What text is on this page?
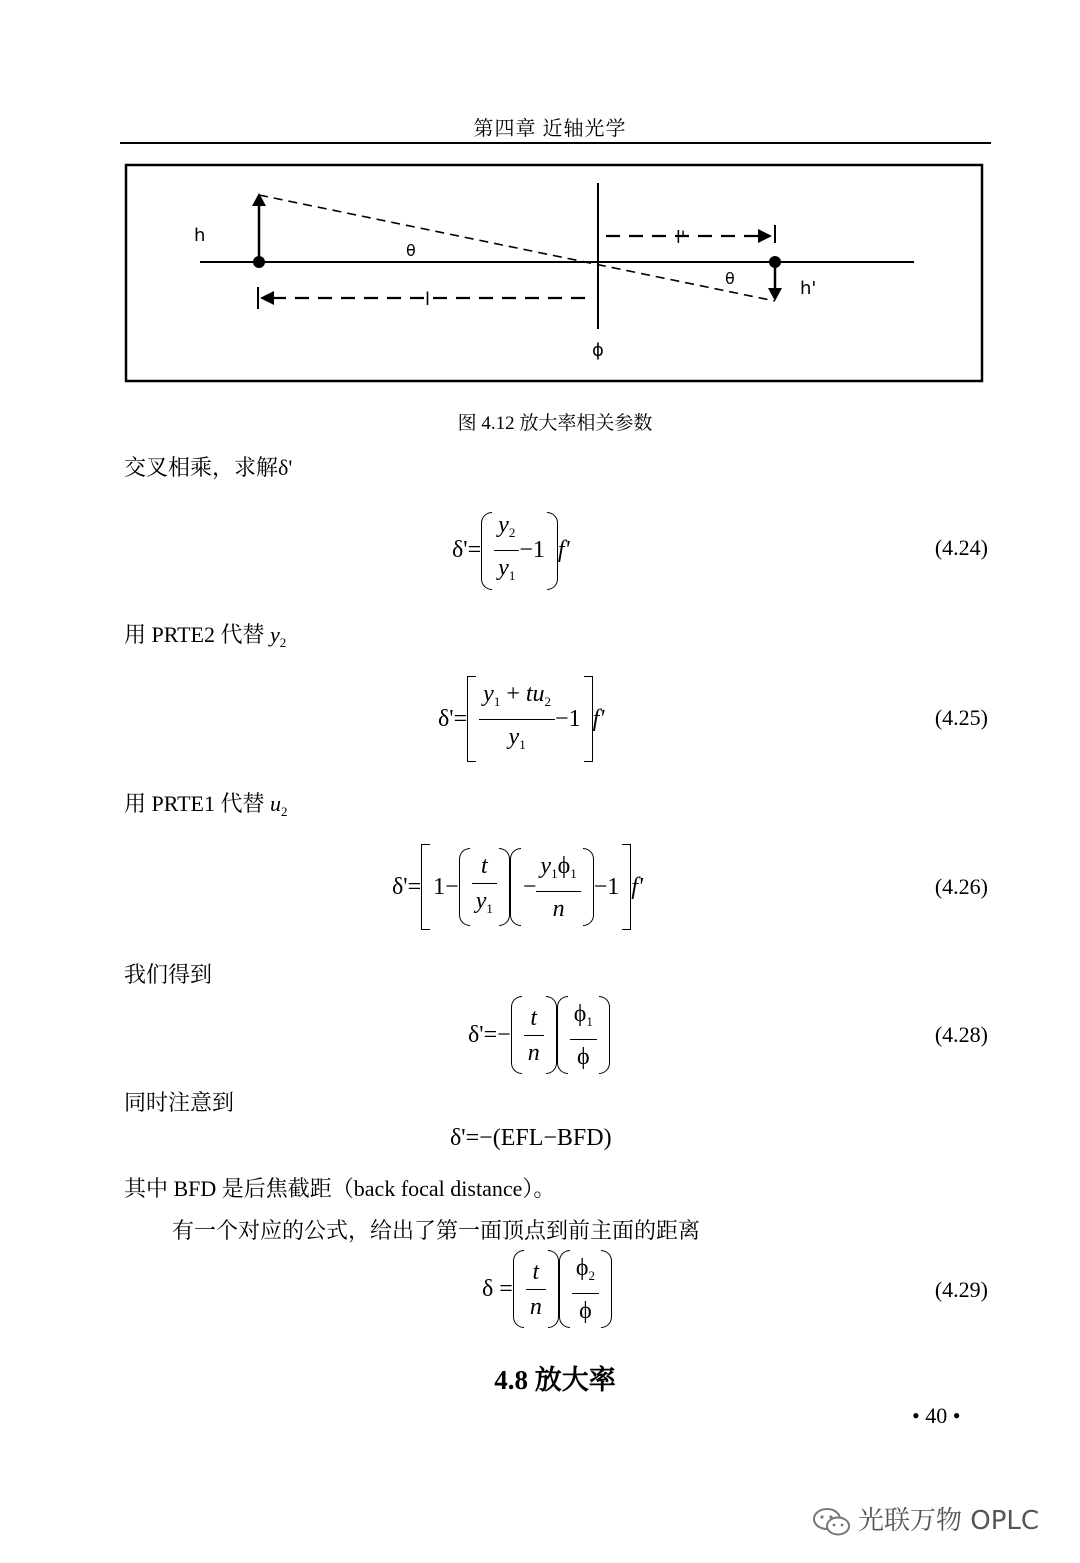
第四章 近轴光学
h
θ
l'
θ	h'
l
ϕ
图 4.12 放大率相关参数
交叉相乘，求解δ'
$\delta'= \frac{y_2}{y_1} -1$ f'	(4.24)
用 PRTE2 代替 $y_2$
$\delta'= \frac{y_1 + tu_2}{y_1} -1$ f'	(4.25)
用 PRTE1 代替 $u_2$
$\delta'= 1- \frac{t}{y_1} - \frac{y_1\phi_1}{n} -1$ f'	(4.26)
我们得到
$\delta'=- \frac{t}{n} \frac{\phi_1}{\phi}$	(4.28)
同时注意到
δ'=−(EFL−BFD)
其中 BFD 是后焦截距（back focal distance）。
有一个对应的公式，给出了第一面顶点到前主面的距离
$\delta = \frac{t}{n} \frac{\phi_2}{\phi}$	(4.29)
4.8 放大率
• 40 •
光联万物 OPLC
